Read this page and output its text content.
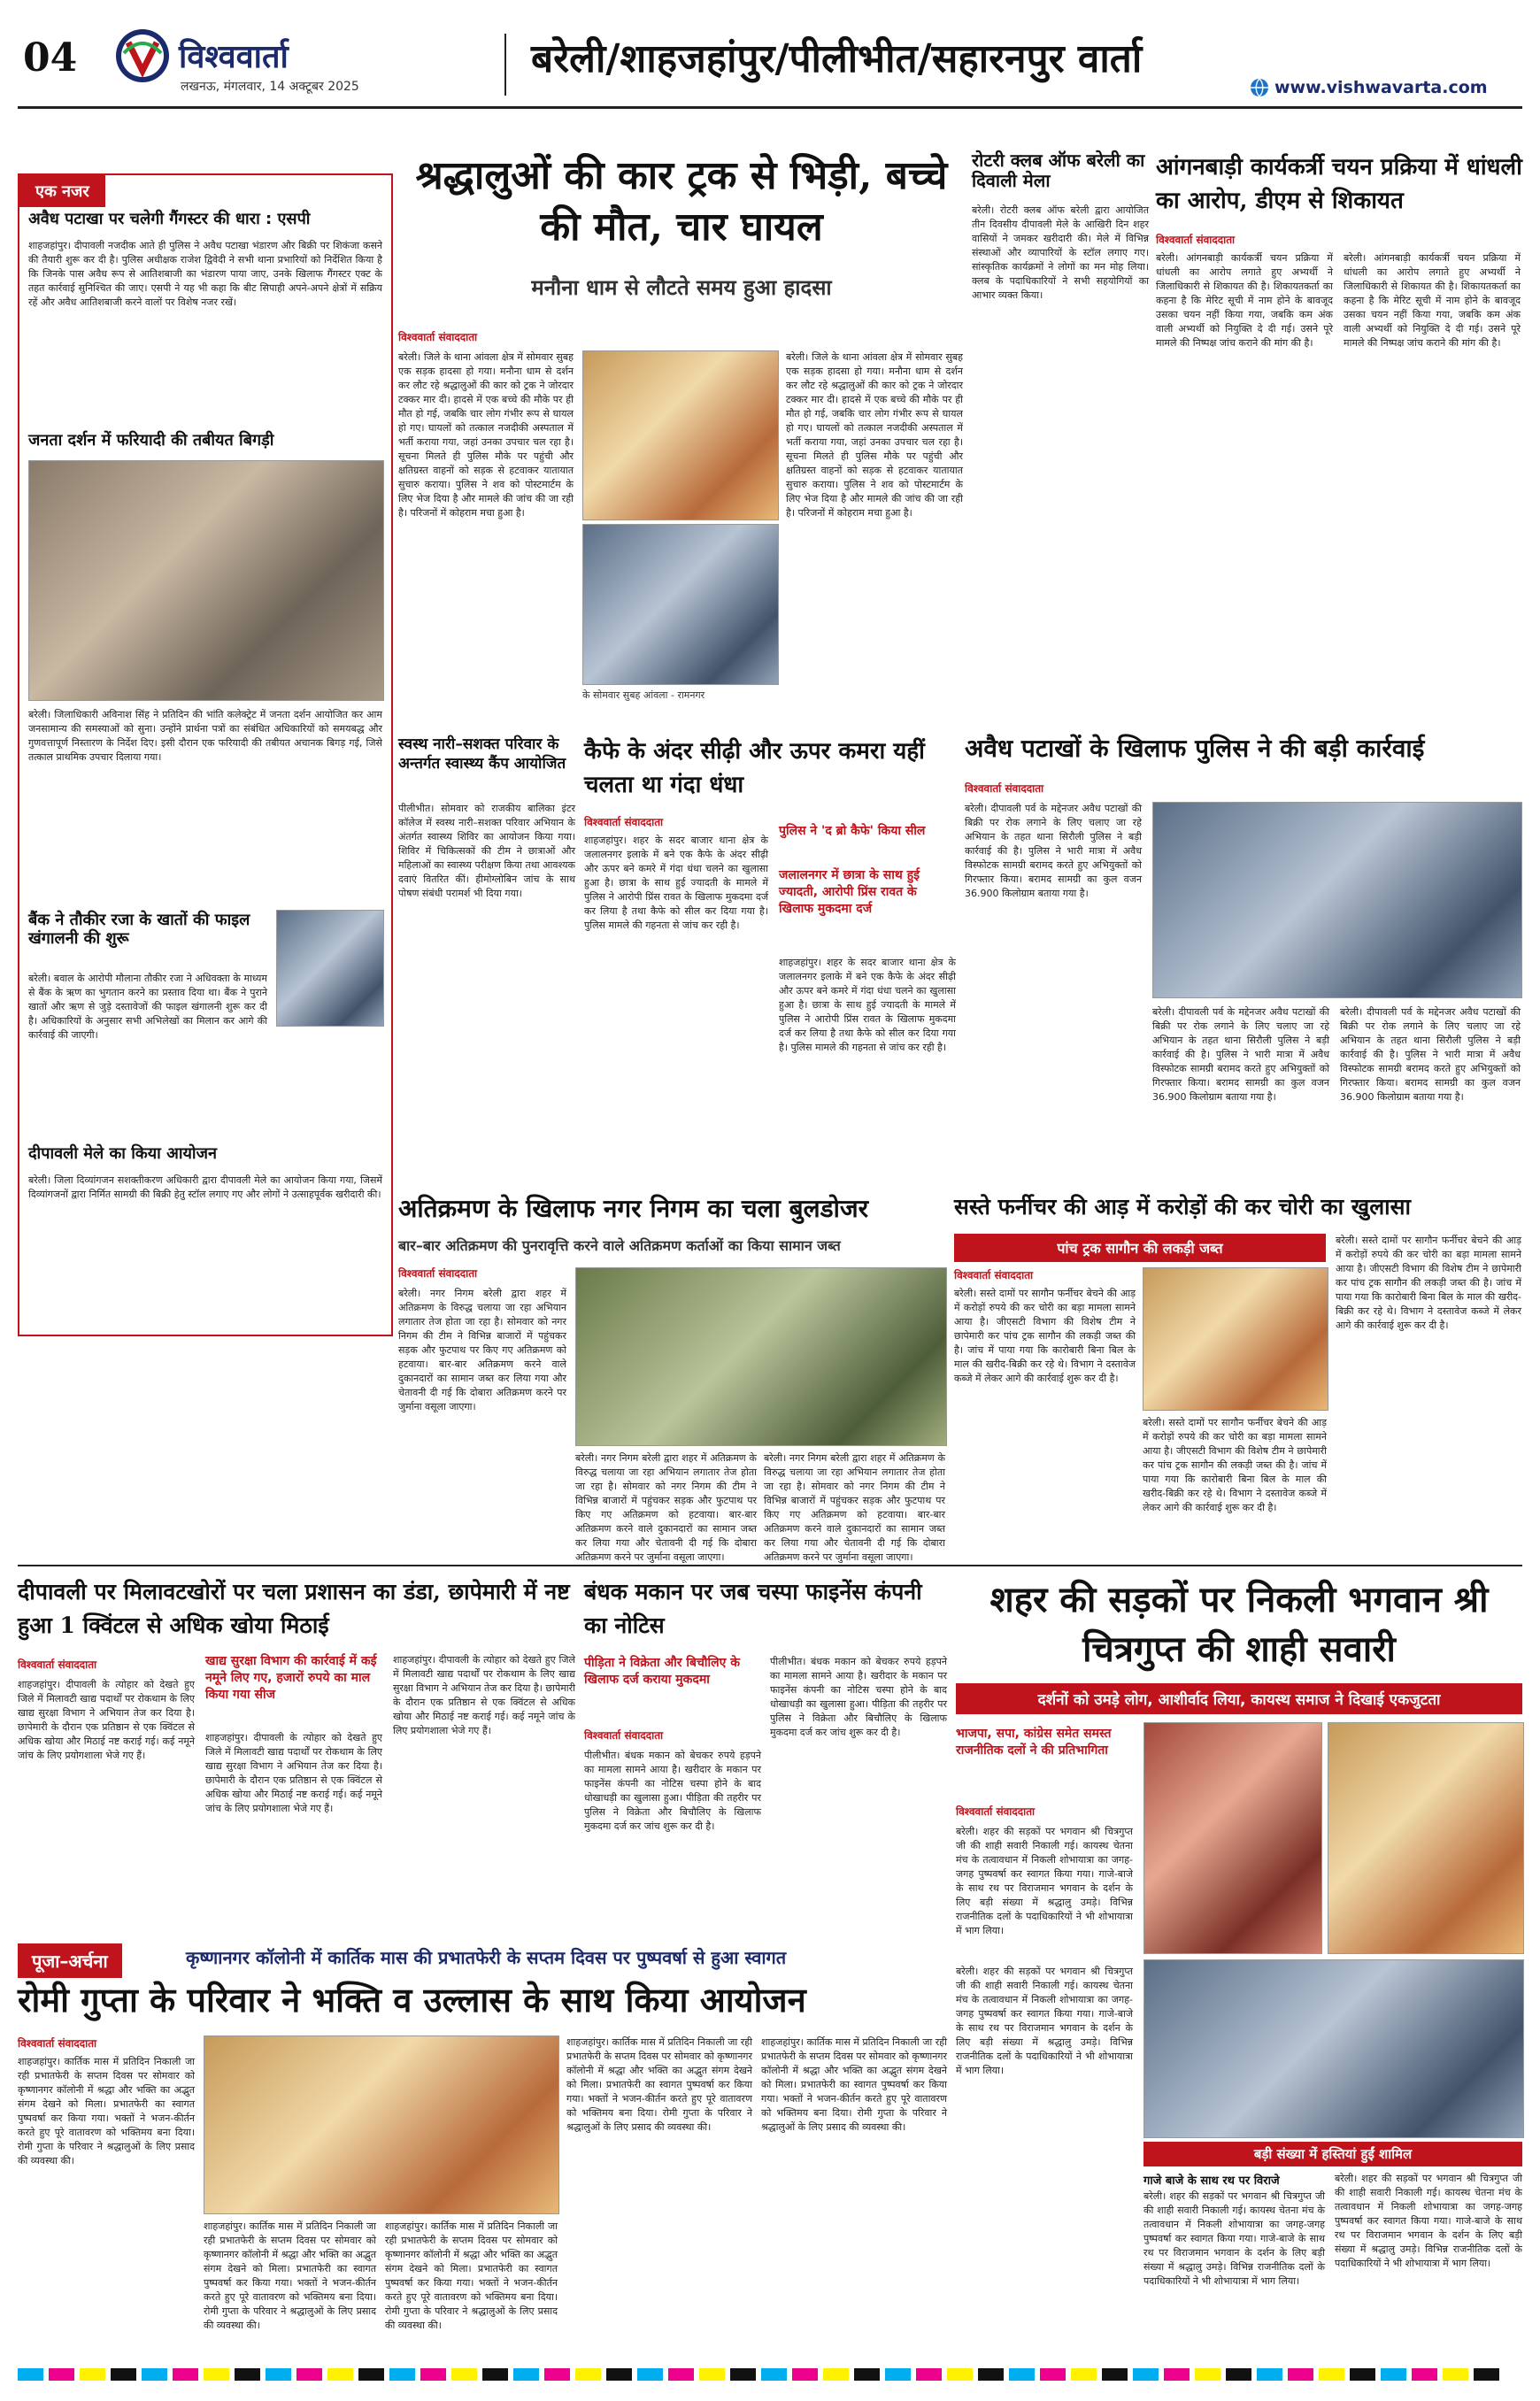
04	विश्ववार्ता
लखनऊ, मंगलवार, 14 अक्टूबर 2025
बरेली/शाहजहांपुर/पीलीभीत/सहारनपुर वार्ता
www.vishwavarta.com
एक नजर
अवैध पटाखा पर चलेगी गैंगस्टर की धारा : एसपी
शाहजहांपुर। दीपावली नजदीक आते ही पुलिस ने अवैध पटाखा भंडारण और बिक्री पर शिकंजा कसने की तैयारी शुरू कर दी है। पुलिस अधीक्षक राजेश द्विवेदी ने सभी थाना प्रभारियों को निर्देशित किया है कि जिनके पास अवैध रूप से आतिशबाजी का भंडारण पाया जाए, उनके खिलाफ गैंगस्टर एक्ट के तहत कार्रवाई सुनिश्चित की जाए। एसपी ने यह भी कहा कि बीट सिपाही अपने-अपने क्षेत्रों में सक्रिय रहें और अवैध आतिशबाजी करने वालों पर विशेष नजर रखें।
जनता दर्शन में फरियादी की तबीयत बिगड़ी
बरेली। जिलाधिकारी अविनाश सिंह ने प्रतिदिन की भांति कलेक्ट्रेट में जनता दर्शन आयोजित कर आम जनसामान्य की समस्याओं को सुना। उन्होंने प्रार्थना पत्रों का संबंधित अधिकारियों को समयबद्ध और गुणवत्तापूर्ण निस्तारण के निर्देश दिए। इसी दौरान एक फरियादी की तबीयत अचानक बिगड़ गई, जिसे तत्काल प्राथमिक उपचार दिलाया गया।
बैंक ने तौकीर रजा के खातों की फाइल खंगालनी की शुरू
बरेली। बवाल के आरोपी मौलाना तौकीर रजा ने अधिवक्ता के माध्यम से बैंक के ऋण का भुगतान करने का प्रस्ताव दिया था। बैंक ने पुराने खातों और ऋण से जुड़े दस्तावेजों की फाइल खंगालनी शुरू कर दी है। अधिकारियों के अनुसार सभी अभिलेखों का मिलान कर आगे की कार्रवाई की जाएगी।
दीपावली मेले का किया आयोजन
बरेली। जिला दिव्यांगजन सशक्तीकरण अधिकारी द्वारा दीपावली मेले का आयोजन किया गया, जिसमें दिव्यांगजनों द्वारा निर्मित सामग्री की बिक्री हेतु स्टॉल लगाए गए और लोगों ने उत्साहपूर्वक खरीदारी की।
श्रद्धालुओं की कार ट्रक से भिड़ी, बच्चे की मौत, चार घायल
मनौना धाम से लौटते समय हुआ हादसा
विश्ववार्ता संवाददाता
बरेली। जिले के थाना आंवला क्षेत्र में सोमवार सुबह एक सड़क हादसा हो गया। मनौना धाम से दर्शन कर लौट रहे श्रद्धालुओं की कार को ट्रक ने जोरदार टक्कर मार दी। हादसे में एक बच्चे की मौके पर ही मौत हो गई, जबकि चार लोग गंभीर रूप से घायल हो गए। घायलों को तत्काल नजदीकी अस्पताल में भर्ती कराया गया, जहां उनका उपचार चल रहा है। सूचना मिलते ही पुलिस मौके पर पहुंची और क्षतिग्रस्त वाहनों को सड़क से हटवाकर यातायात सुचारु कराया। पुलिस ने शव को पोस्टमार्टम के लिए भेज दिया है और मामले की जांच की जा रही है। परिजनों में कोहराम मचा हुआ है।
के सोमवार सुबह आंवला - रामनगर
बरेली। जिले के थाना आंवला क्षेत्र में सोमवार सुबह एक सड़क हादसा हो गया। मनौना धाम से दर्शन कर लौट रहे श्रद्धालुओं की कार को ट्रक ने जोरदार टक्कर मार दी। हादसे में एक बच्चे की मौके पर ही मौत हो गई, जबकि चार लोग गंभीर रूप से घायल हो गए। घायलों को तत्काल नजदीकी अस्पताल में भर्ती कराया गया, जहां उनका उपचार चल रहा है। सूचना मिलते ही पुलिस मौके पर पहुंची और क्षतिग्रस्त वाहनों को सड़क से हटवाकर यातायात सुचारु कराया। पुलिस ने शव को पोस्टमार्टम के लिए भेज दिया है और मामले की जांच की जा रही है। परिजनों में कोहराम मचा हुआ है।
रोटरी क्लब ऑफ बरेली का दिवाली मेला
बरेली। रोटरी क्लब ऑफ बरेली द्वारा आयोजित तीन दिवसीय दीपावली मेले के आखिरी दिन शहर वासियों ने जमकर खरीदारी की। मेले में विभिन्न संस्थाओं और व्यापारियों के स्टॉल लगाए गए। सांस्कृतिक कार्यक्रमों ने लोगों का मन मोह लिया। क्लब के पदाधिकारियों ने सभी सहयोगियों का आभार व्यक्त किया।
आंगनबाड़ी कार्यकर्त्री चयन प्रक्रिया में धांधली का आरोप, डीएम से शिकायत
विश्ववार्ता संवाददाता
बरेली। आंगनबाड़ी कार्यकर्त्री चयन प्रक्रिया में धांधली का आरोप लगाते हुए अभ्यर्थी ने जिलाधिकारी से शिकायत की है। शिकायतकर्ता का कहना है कि मेरिट सूची में नाम होने के बावजूद उसका चयन नहीं किया गया, जबकि कम अंक वाली अभ्यर्थी को नियुक्ति दे दी गई। उसने पूरे मामले की निष्पक्ष जांच कराने की मांग की है।
बरेली। आंगनबाड़ी कार्यकर्त्री चयन प्रक्रिया में धांधली का आरोप लगाते हुए अभ्यर्थी ने जिलाधिकारी से शिकायत की है। शिकायतकर्ता का कहना है कि मेरिट सूची में नाम होने के बावजूद उसका चयन नहीं किया गया, जबकि कम अंक वाली अभ्यर्थी को नियुक्ति दे दी गई। उसने पूरे मामले की निष्पक्ष जांच कराने की मांग की है।
स्वस्थ नारी–सशक्त परिवार के अन्तर्गत स्वास्थ्य कैंप आयोजित
पीलीभीत। सोमवार को राजकीय बालिका इंटर कॉलेज में स्वस्थ नारी–सशक्त परिवार अभियान के अंतर्गत स्वास्थ्य शिविर का आयोजन किया गया। शिविर में चिकित्सकों की टीम ने छात्राओं और महिलाओं का स्वास्थ्य परीक्षण किया तथा आवश्यक दवाएं वितरित कीं। हीमोग्लोबिन जांच के साथ पोषण संबंधी परामर्श भी दिया गया।
कैफे के अंदर सीढ़ी और ऊपर कमरा यहीं चलता था गंदा धंधा
विश्ववार्ता संवाददाता
पुलिस ने 'द ब्रो कैफे' किया सील
जलालनगर में छात्रा के साथ हुई ज्यादती, आरोपी प्रिंस रावत के खिलाफ मुकदमा दर्ज
शाहजहांपुर। शहर के सदर बाजार थाना क्षेत्र के जलालनगर इलाके में बने एक कैफे के अंदर सीढ़ी और ऊपर बने कमरे में गंदा धंधा चलने का खुलासा हुआ है। छात्रा के साथ हुई ज्यादती के मामले में पुलिस ने आरोपी प्रिंस रावत के खिलाफ मुकदमा दर्ज कर लिया है तथा कैफे को सील कर दिया गया है। पुलिस मामले की गहनता से जांच कर रही है।
शाहजहांपुर। शहर के सदर बाजार थाना क्षेत्र के जलालनगर इलाके में बने एक कैफे के अंदर सीढ़ी और ऊपर बने कमरे में गंदा धंधा चलने का खुलासा हुआ है। छात्रा के साथ हुई ज्यादती के मामले में पुलिस ने आरोपी प्रिंस रावत के खिलाफ मुकदमा दर्ज कर लिया है तथा कैफे को सील कर दिया गया है। पुलिस मामले की गहनता से जांच कर रही है।
अवैध पटाखों के खिलाफ पुलिस ने की बड़ी कार्रवाई
विश्ववार्ता संवाददाता
बरेली। दीपावली पर्व के मद्देनजर अवैध पटाखों की बिक्री पर रोक लगाने के लिए चलाए जा रहे अभियान के तहत थाना सिरौली पुलिस ने बड़ी कार्रवाई की है। पुलिस ने भारी मात्रा में अवैध विस्फोटक सामग्री बरामद करते हुए अभियुक्तों को गिरफ्तार किया। बरामद सामग्री का कुल वजन 36.900 किलोग्राम बताया गया है।
बरेली। दीपावली पर्व के मद्देनजर अवैध पटाखों की बिक्री पर रोक लगाने के लिए चलाए जा रहे अभियान के तहत थाना सिरौली पुलिस ने बड़ी कार्रवाई की है। पुलिस ने भारी मात्रा में अवैध विस्फोटक सामग्री बरामद करते हुए अभियुक्तों को गिरफ्तार किया। बरामद सामग्री का कुल वजन 36.900 किलोग्राम बताया गया है।
बरेली। दीपावली पर्व के मद्देनजर अवैध पटाखों की बिक्री पर रोक लगाने के लिए चलाए जा रहे अभियान के तहत थाना सिरौली पुलिस ने बड़ी कार्रवाई की है। पुलिस ने भारी मात्रा में अवैध विस्फोटक सामग्री बरामद करते हुए अभियुक्तों को गिरफ्तार किया। बरामद सामग्री का कुल वजन 36.900 किलोग्राम बताया गया है।
अतिक्रमण के खिलाफ नगर निगम का चला बुलडोजर
बार–बार अतिक्रमण की पुनरावृत्ति करने वाले अतिक्रमण कर्ताओं का किया सामान जब्त
विश्ववार्ता संवाददाता
बरेली। नगर निगम बरेली द्वारा शहर में अतिक्रमण के विरुद्ध चलाया जा रहा अभियान लगातार तेज होता जा रहा है। सोमवार को नगर निगम की टीम ने विभिन्न बाजारों में पहुंचकर सड़क और फुटपाथ पर किए गए अतिक्रमण को हटवाया। बार-बार अतिक्रमण करने वाले दुकानदारों का सामान जब्त कर लिया गया और चेतावनी दी गई कि दोबारा अतिक्रमण करने पर जुर्माना वसूला जाएगा।
बरेली। नगर निगम बरेली द्वारा शहर में अतिक्रमण के विरुद्ध चलाया जा रहा अभियान लगातार तेज होता जा रहा है। सोमवार को नगर निगम की टीम ने विभिन्न बाजारों में पहुंचकर सड़क और फुटपाथ पर किए गए अतिक्रमण को हटवाया। बार-बार अतिक्रमण करने वाले दुकानदारों का सामान जब्त कर लिया गया और चेतावनी दी गई कि दोबारा अतिक्रमण करने पर जुर्माना वसूला जाएगा।
बरेली। नगर निगम बरेली द्वारा शहर में अतिक्रमण के विरुद्ध चलाया जा रहा अभियान लगातार तेज होता जा रहा है। सोमवार को नगर निगम की टीम ने विभिन्न बाजारों में पहुंचकर सड़क और फुटपाथ पर किए गए अतिक्रमण को हटवाया। बार-बार अतिक्रमण करने वाले दुकानदारों का सामान जब्त कर लिया गया और चेतावनी दी गई कि दोबारा अतिक्रमण करने पर जुर्माना वसूला जाएगा।
सस्ते फर्नीचर की आड़ में करोड़ों की कर चोरी का खुलासा
पांच ट्रक सागौन की लकड़ी जब्त
विश्ववार्ता संवाददाता
बरेली। सस्ते दामों पर सागौन फर्नीचर बेचने की आड़ में करोड़ों रुपये की कर चोरी का बड़ा मामला सामने आया है। जीएसटी विभाग की विशेष टीम ने छापेमारी कर पांच ट्रक सागौन की लकड़ी जब्त की है। जांच में पाया गया कि कारोबारी बिना बिल के माल की खरीद-बिक्री कर रहे थे। विभाग ने दस्तावेज कब्जे में लेकर आगे की कार्रवाई शुरू कर दी है।
बरेली। सस्ते दामों पर सागौन फर्नीचर बेचने की आड़ में करोड़ों रुपये की कर चोरी का बड़ा मामला सामने आया है। जीएसटी विभाग की विशेष टीम ने छापेमारी कर पांच ट्रक सागौन की लकड़ी जब्त की है। जांच में पाया गया कि कारोबारी बिना बिल के माल की खरीद-बिक्री कर रहे थे। विभाग ने दस्तावेज कब्जे में लेकर आगे की कार्रवाई शुरू कर दी है।
बरेली। सस्ते दामों पर सागौन फर्नीचर बेचने की आड़ में करोड़ों रुपये की कर चोरी का बड़ा मामला सामने आया है। जीएसटी विभाग की विशेष टीम ने छापेमारी कर पांच ट्रक सागौन की लकड़ी जब्त की है। जांच में पाया गया कि कारोबारी बिना बिल के माल की खरीद-बिक्री कर रहे थे। विभाग ने दस्तावेज कब्जे में लेकर आगे की कार्रवाई शुरू कर दी है।
दीपावली पर मिलावटखोरों पर चला प्रशासन का डंडा, छापेमारी में नष्ट हुआ 1 क्विंटल से अधिक खोया मिठाई
विश्ववार्ता संवाददाता
शाहजहांपुर। दीपावली के त्योहार को देखते हुए जिले में मिलावटी खाद्य पदार्थों पर रोकथाम के लिए खाद्य सुरक्षा विभाग ने अभियान तेज कर दिया है। छापेमारी के दौरान एक प्रतिष्ठान से एक क्विंटल से अधिक खोया और मिठाई नष्ट कराई गई। कई नमूने जांच के लिए प्रयोगशाला भेजे गए हैं।
खाद्य सुरक्षा विभाग की कार्रवाई में कई नमूने लिए गए, हजारों रुपये का माल किया गया सीज
शाहजहांपुर। दीपावली के त्योहार को देखते हुए जिले में मिलावटी खाद्य पदार्थों पर रोकथाम के लिए खाद्य सुरक्षा विभाग ने अभियान तेज कर दिया है। छापेमारी के दौरान एक प्रतिष्ठान से एक क्विंटल से अधिक खोया और मिठाई नष्ट कराई गई। कई नमूने जांच के लिए प्रयोगशाला भेजे गए हैं।
शाहजहांपुर। दीपावली के त्योहार को देखते हुए जिले में मिलावटी खाद्य पदार्थों पर रोकथाम के लिए खाद्य सुरक्षा विभाग ने अभियान तेज कर दिया है। छापेमारी के दौरान एक प्रतिष्ठान से एक क्विंटल से अधिक खोया और मिठाई नष्ट कराई गई। कई नमूने जांच के लिए प्रयोगशाला भेजे गए हैं।
बंधक मकान पर जब चस्पा फाइनेंस कंपनी का नोटिस
पीड़िता ने विक्रेता और बिचौलिए के खिलाफ दर्ज कराया मुकदमा
विश्ववार्ता संवाददाता
पीलीभीत। बंधक मकान को बेचकर रुपये हड़पने का मामला सामने आया है। खरीदार के मकान पर फाइनेंस कंपनी का नोटिस चस्पा होने के बाद धोखाधड़ी का खुलासा हुआ। पीड़िता की तहरीर पर पुलिस ने विक्रेता और बिचौलिए के खिलाफ मुकदमा दर्ज कर जांच शुरू कर दी है।
पीलीभीत। बंधक मकान को बेचकर रुपये हड़पने का मामला सामने आया है। खरीदार के मकान पर फाइनेंस कंपनी का नोटिस चस्पा होने के बाद धोखाधड़ी का खुलासा हुआ। पीड़िता की तहरीर पर पुलिस ने विक्रेता और बिचौलिए के खिलाफ मुकदमा दर्ज कर जांच शुरू कर दी है।
शहर की सड़कों पर निकली भगवान श्री चित्रगुप्त की शाही सवारी
दर्शनों को उमड़े लोग, आशीर्वाद लिया, कायस्थ समाज ने दिखाई एकजुटता
भाजपा, सपा, कांग्रेस समेत समस्त राजनीतिक दलों ने की प्रतिभागिता
विश्ववार्ता संवाददाता
बरेली। शहर की सड़कों पर भगवान श्री चित्रगुप्त जी की शाही सवारी निकाली गई। कायस्थ चेतना मंच के तत्वावधान में निकली शोभायात्रा का जगह-जगह पुष्पवर्षा कर स्वागत किया गया। गाजे-बाजे के साथ रथ पर विराजमान भगवान के दर्शन के लिए बड़ी संख्या में श्रद्धालु उमड़े। विभिन्न राजनीतिक दलों के पदाधिकारियों ने भी शोभायात्रा में भाग लिया।
बड़ी संख्या में हस्तियां हुईं शामिल
बरेली। शहर की सड़कों पर भगवान श्री चित्रगुप्त जी की शाही सवारी निकाली गई। कायस्थ चेतना मंच के तत्वावधान में निकली शोभायात्रा का जगह-जगह पुष्पवर्षा कर स्वागत किया गया। गाजे-बाजे के साथ रथ पर विराजमान भगवान के दर्शन के लिए बड़ी संख्या में श्रद्धालु उमड़े। विभिन्न राजनीतिक दलों के पदाधिकारियों ने भी शोभायात्रा में भाग लिया।
गाजे बाजे के साथ रथ पर विराजे
बरेली। शहर की सड़कों पर भगवान श्री चित्रगुप्त जी की शाही सवारी निकाली गई। कायस्थ चेतना मंच के तत्वावधान में निकली शोभायात्रा का जगह-जगह पुष्पवर्षा कर स्वागत किया गया। गाजे-बाजे के साथ रथ पर विराजमान भगवान के दर्शन के लिए बड़ी संख्या में श्रद्धालु उमड़े। विभिन्न राजनीतिक दलों के पदाधिकारियों ने भी शोभायात्रा में भाग लिया।
बरेली। शहर की सड़कों पर भगवान श्री चित्रगुप्त जी की शाही सवारी निकाली गई। कायस्थ चेतना मंच के तत्वावधान में निकली शोभायात्रा का जगह-जगह पुष्पवर्षा कर स्वागत किया गया। गाजे-बाजे के साथ रथ पर विराजमान भगवान के दर्शन के लिए बड़ी संख्या में श्रद्धालु उमड़े। विभिन्न राजनीतिक दलों के पदाधिकारियों ने भी शोभायात्रा में भाग लिया।
पूजा–अर्चना	कृष्णानगर कॉलोनी में कार्तिक मास की प्रभातफेरी के सप्तम दिवस पर पुष्पवर्षा से हुआ स्वागत
रोमी गुप्ता के परिवार ने भक्ति व उल्लास के साथ किया आयोजन
विश्ववार्ता संवाददाता
शाहजहांपुर। कार्तिक मास में प्रतिदिन निकाली जा रही प्रभातफेरी के सप्तम दिवस पर सोमवार को कृष्णानगर कॉलोनी में श्रद्धा और भक्ति का अद्भुत संगम देखने को मिला। प्रभातफेरी का स्वागत पुष्पवर्षा कर किया गया। भक्तों ने भजन-कीर्तन करते हुए पूरे वातावरण को भक्तिमय बना दिया। रोमी गुप्ता के परिवार ने श्रद्धालुओं के लिए प्रसाद की व्यवस्था की।
शाहजहांपुर। कार्तिक मास में प्रतिदिन निकाली जा रही प्रभातफेरी के सप्तम दिवस पर सोमवार को कृष्णानगर कॉलोनी में श्रद्धा और भक्ति का अद्भुत संगम देखने को मिला। प्रभातफेरी का स्वागत पुष्पवर्षा कर किया गया। भक्तों ने भजन-कीर्तन करते हुए पूरे वातावरण को भक्तिमय बना दिया। रोमी गुप्ता के परिवार ने श्रद्धालुओं के लिए प्रसाद की व्यवस्था की।
शाहजहांपुर। कार्तिक मास में प्रतिदिन निकाली जा रही प्रभातफेरी के सप्तम दिवस पर सोमवार को कृष्णानगर कॉलोनी में श्रद्धा और भक्ति का अद्भुत संगम देखने को मिला। प्रभातफेरी का स्वागत पुष्पवर्षा कर किया गया। भक्तों ने भजन-कीर्तन करते हुए पूरे वातावरण को भक्तिमय बना दिया। रोमी गुप्ता के परिवार ने श्रद्धालुओं के लिए प्रसाद की व्यवस्था की।
शाहजहांपुर। कार्तिक मास में प्रतिदिन निकाली जा रही प्रभातफेरी के सप्तम दिवस पर सोमवार को कृष्णानगर कॉलोनी में श्रद्धा और भक्ति का अद्भुत संगम देखने को मिला। प्रभातफेरी का स्वागत पुष्पवर्षा कर किया गया। भक्तों ने भजन-कीर्तन करते हुए पूरे वातावरण को भक्तिमय बना दिया। रोमी गुप्ता के परिवार ने श्रद्धालुओं के लिए प्रसाद की व्यवस्था की।
शाहजहांपुर। कार्तिक मास में प्रतिदिन निकाली जा रही प्रभातफेरी के सप्तम दिवस पर सोमवार को कृष्णानगर कॉलोनी में श्रद्धा और भक्ति का अद्भुत संगम देखने को मिला। प्रभातफेरी का स्वागत पुष्पवर्षा कर किया गया। भक्तों ने भजन-कीर्तन करते हुए पूरे वातावरण को भक्तिमय बना दिया। रोमी गुप्ता के परिवार ने श्रद्धालुओं के लिए प्रसाद की व्यवस्था की।
